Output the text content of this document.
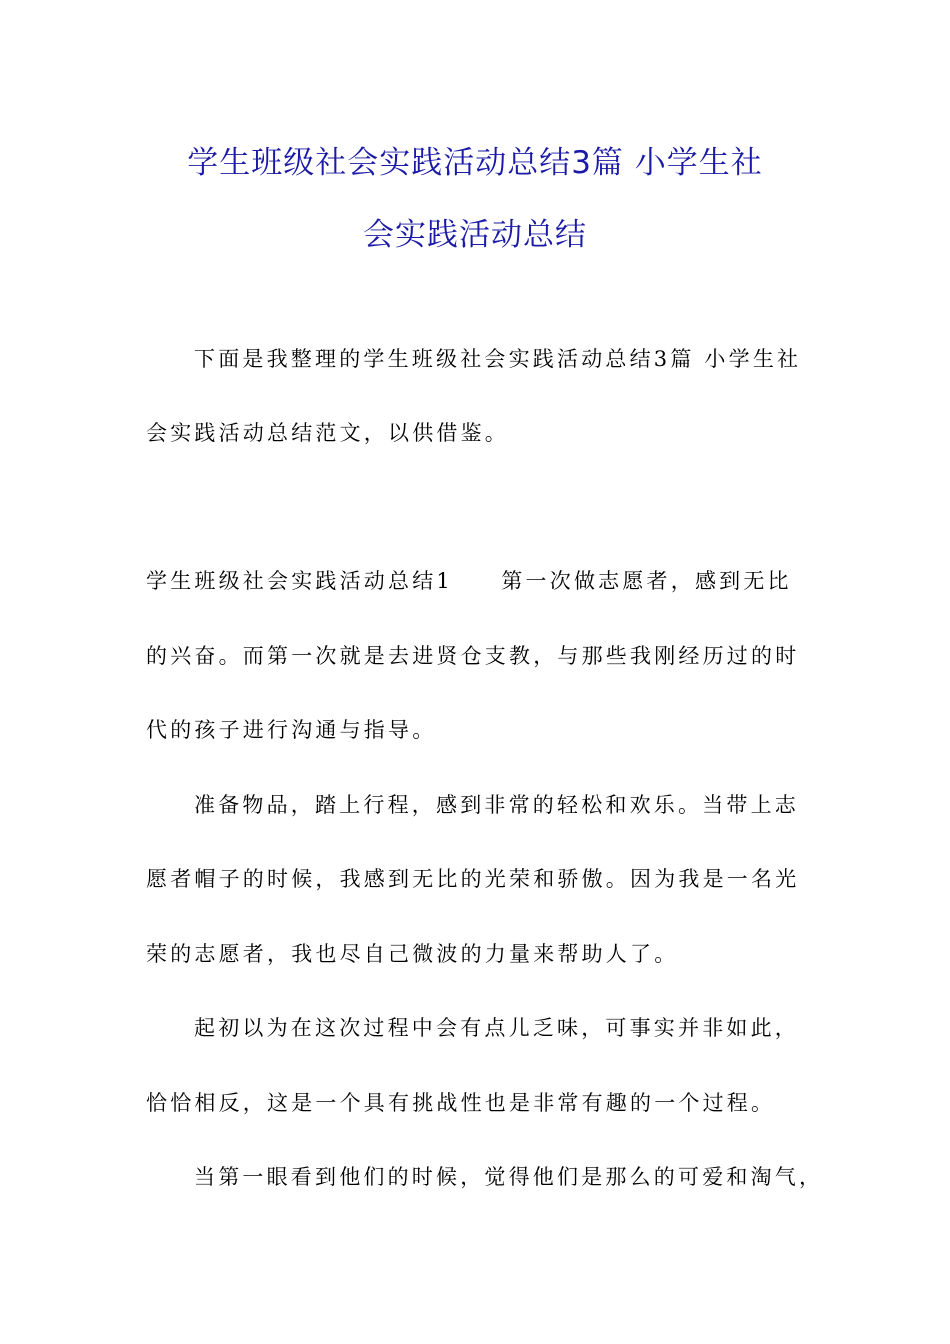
学生班级社会实践活动总结3篇 小学生社
会实践活动总结

下面是我整理的学生班级社会实践活动总结3篇 小学生社

会实践活动总结范文，以供借鉴。

学生班级社会实践活动总结1　　第一次做志愿者，感到无比

的兴奋。而第一次就是去进贤仓支教，与那些我刚经历过的时

代的孩子进行沟通与指导。

准备物品，踏上行程，感到非常的轻松和欢乐。当带上志

愿者帽子的时候，我感到无比的光荣和骄傲。因为我是一名光

荣的志愿者，我也尽自己微波的力量来帮助人了。

起初以为在这次过程中会有点儿乏味，可事实并非如此，

恰恰相反，这是一个具有挑战性也是非常有趣的一个过程。

当第一眼看到他们的时候，觉得他们是那么的可爱和淘气，
